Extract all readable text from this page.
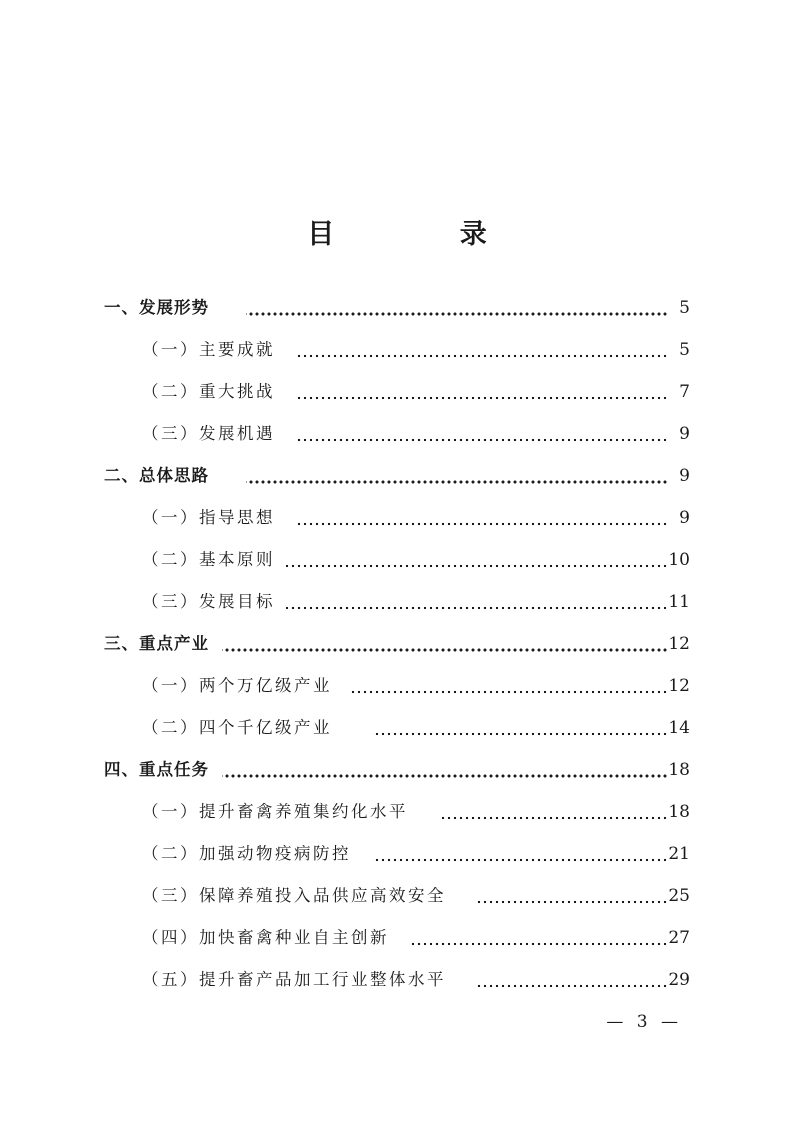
目 录
一、发展形势	5
（一）主要成就	5
（二）重大挑战	7
（三）发展机遇	9
二、总体思路	9
（一）指导思想	9
（二）基本原则	10
（三）发展目标	11
三、重点产业	12
（一）两个万亿级产业	12
（二）四个千亿级产业	14
四、重点任务	18
（一）提升畜禽养殖集约化水平	18
（二）加强动物疫病防控	21
（三）保障养殖投入品供应高效安全	25
（四）加快畜禽种业自主创新	27
（五）提升畜产品加工行业整体水平	29
— 3 —
